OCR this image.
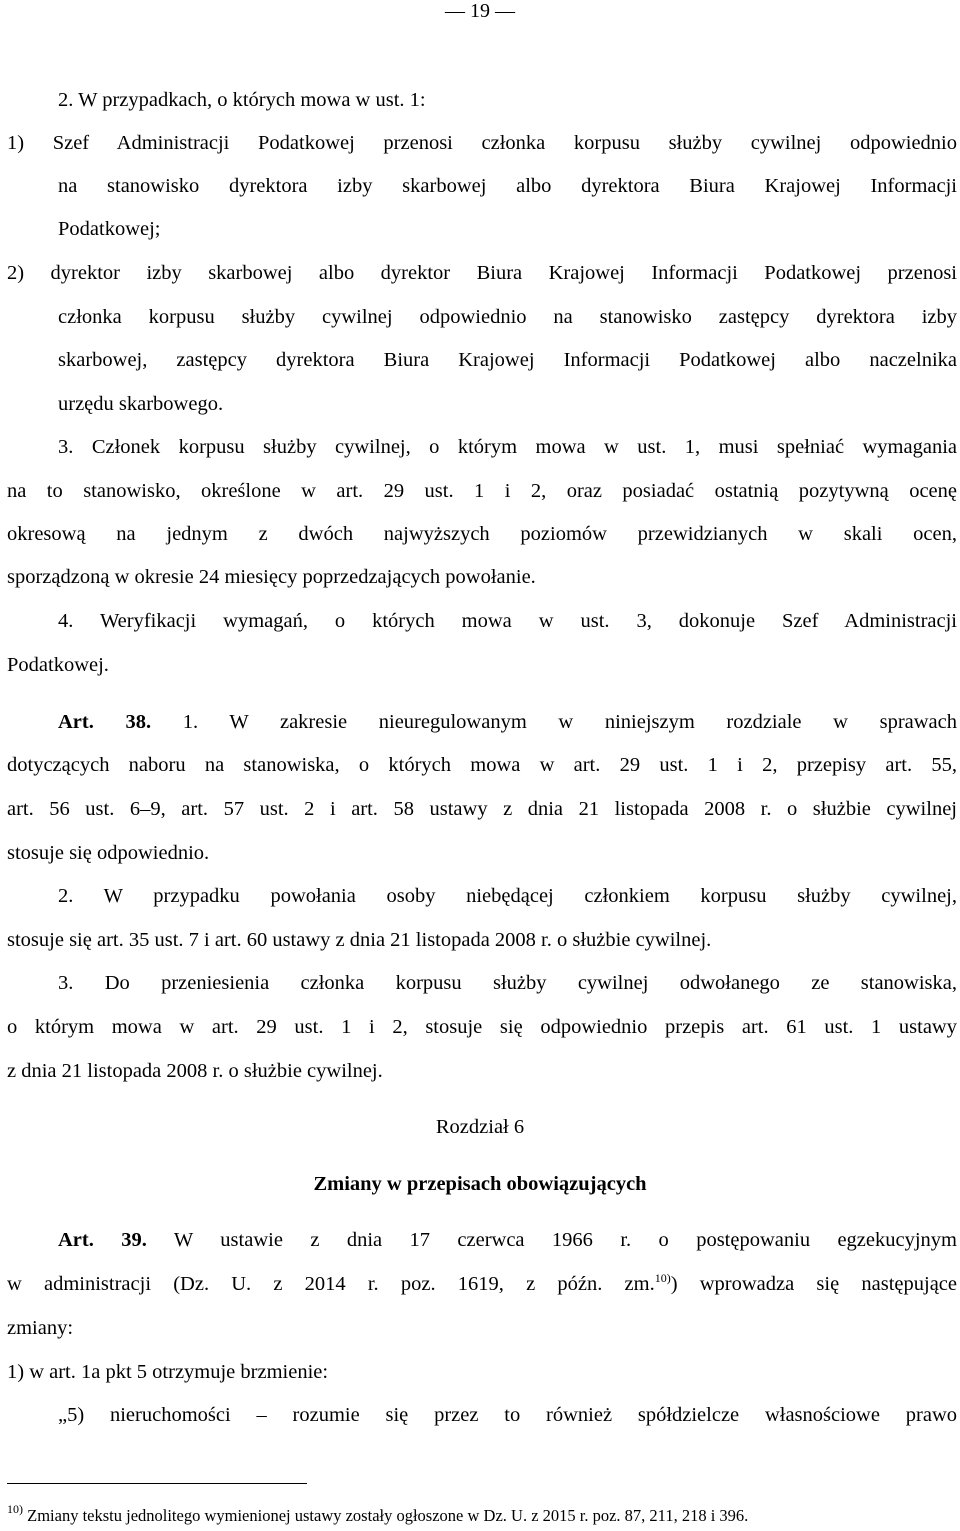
— 19 —
2. W przypadkach, o których mowa w ust. 1:
1) Szef Administracji Podatkowej przenosi członka korpusu służby cywilnej odpowiednio
na stanowisko dyrektora izby skarbowej albo dyrektora Biura Krajowej Informacji
Podatkowej;
2) dyrektor izby skarbowej albo dyrektor Biura Krajowej Informacji Podatkowej przenosi
członka korpusu służby cywilnej odpowiednio na stanowisko zastępcy dyrektora izby
skarbowej, zastępcy dyrektora Biura Krajowej Informacji Podatkowej albo naczelnika
urzędu skarbowego.
3. Członek korpusu służby cywilnej, o którym mowa w ust. 1, musi spełniać wymagania
na to stanowisko, określone w art. 29 ust. 1 i 2, oraz posiadać ostatnią pozytywną ocenę
okresową na jednym z dwóch najwyższych poziomów przewidzianych w skali ocen,
sporządzoną w okresie 24 miesięcy poprzedzających powołanie.
4. Weryfikacji wymagań, o których mowa w ust. 3, dokonuje Szef Administracji
Podatkowej.
Art. 38. 1. W zakresie nieuregulowanym w niniejszym rozdziale w sprawach
dotyczących naboru na stanowiska, o których mowa w art. 29 ust. 1 i 2, przepisy art. 55,
art. 56 ust. 6–9, art. 57 ust. 2 i art. 58 ustawy z dnia 21 listopada 2008 r. o służbie cywilnej
stosuje się odpowiednio.
2. W przypadku powołania osoby niebędącej członkiem korpusu służby cywilnej,
stosuje się art. 35 ust. 7 i art. 60 ustawy z dnia 21 listopada 2008 r. o służbie cywilnej.
3. Do przeniesienia członka korpusu służby cywilnej odwołanego ze stanowiska,
o którym mowa w art. 29 ust. 1 i 2, stosuje się odpowiednio przepis art. 61 ust. 1 ustawy
z dnia 21 listopada 2008 r. o służbie cywilnej.
Rozdział 6
Zmiany w przepisach obowiązujących
Art. 39. W ustawie z dnia 17 czerwca 1966 r. o postępowaniu egzekucyjnym
w administracji (Dz. U. z 2014 r. poz. 1619, z późn. zm.$^{10)}$) wprowadza się następujące
zmiany:
1) w art. 1a pkt 5 otrzymuje brzmienie:
„5) nieruchomości – rozumie się przez to również spółdzielcze własnościowe prawo
$^{10)}$ Zmiany tekstu jednolitego wymienionej ustawy zostały ogłoszone w Dz. U. z 2015 r. poz. 87, 211, 218 i 396.
